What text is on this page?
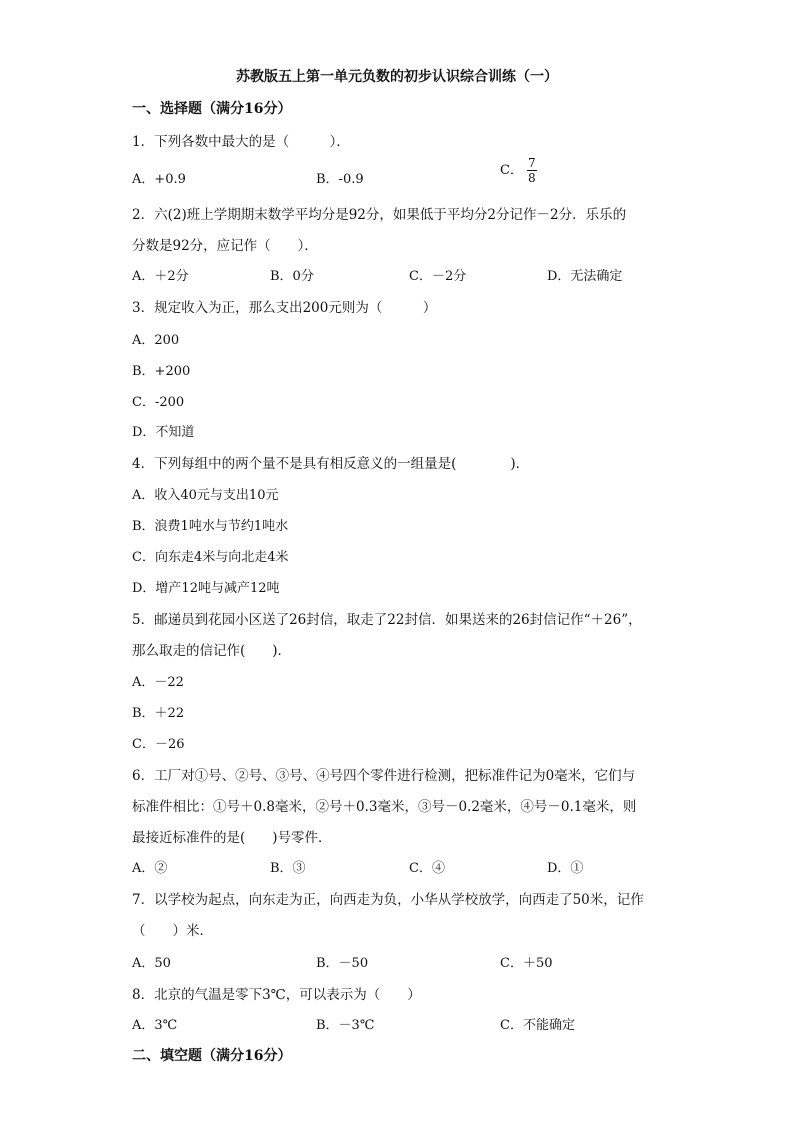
苏教版五上第一单元负数的初步认识综合训练（一）
一、选择题（满分16分）
1．下列各数中最大的是（　　　）．
A．+0.9	B．-0.9
C． $\frac{7}{8}$
2．六(2)班上学期期末数学平均分是92分，如果低于平均分2分记作－2分．乐乐的
分数是92分，应记作（　　）．
A．＋2分	B．0分	C．－2分	D．无法确定
3．规定收入为正，那么支出200元则为（　　　）
A．200
B．+200
C．-200
D．不知道
4．下列每组中的两个量不是具有相反意义的一组量是(　　　　)．
A．收入40元与支出10元
B．浪费1吨水与节约1吨水
C．向东走4米与向北走4米
D．增产12吨与减产12吨
5．邮递员到花园小区送了26封信，取走了22封信．如果送来的26封信记作“＋26”，
那么取走的信记作(　　)．
A．－22
B．＋22
C．－26
6．工厂对①号、②号、③号、④号四个零件进行检测，把标准件记为0毫米，它们与
标准件相比：①号＋0.8毫米，②号＋0.3毫米，③号－0.2毫米，④号－0.1毫米，则
最接近标准件的是(　　)号零件．
A．②	B．③	C．④	D．①
7．以学校为起点，向东走为正，向西走为负，小华从学校放学，向西走了50米，记作
（　　）米．
A．50	B．－50	C．＋50
8．北京的气温是零下3℃，可以表示为（　　）
A．3℃	B．－3℃	C．不能确定
二、填空题（满分16分）
